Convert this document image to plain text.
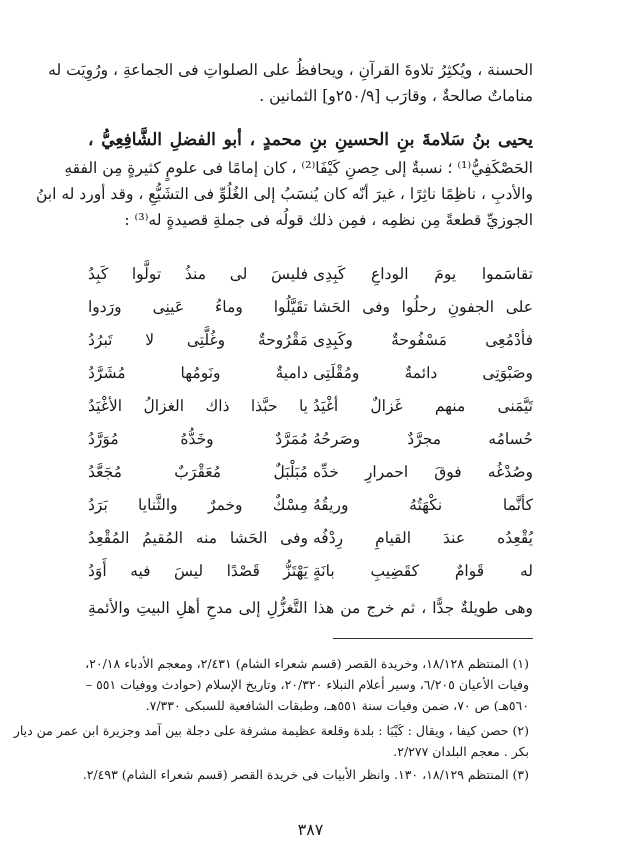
الحسنة ، ويُكثِرُ تلاوةَ القرآنِ ، ويحافظُ على الصلواتِ فى الجماعةِ ، ورُوِيَت له
مناماتٌ صالحةٌ ، وقارَب [٢٥٠/٩و] الثمانين .
يحيى بنُ سَلامةَ بنِ الحسينِ بنِ محمدٍ ، أبو الفضلِ الشَّافِعِيُّ ،
الحَصْكَفِيُّ⁽¹⁾ ؛ نسبةٌ إلى حِصنِ كَيْفَا⁽²⁾ ، كان إمامًا فى علومٍ كثيرةٍ مِن الفقهِ
والأدبِ ، ناظِمًا ناثِرًا ، غيرَ أنّه كان يُنسَبُ إلى الغُلُوِّ فى التشَيُّعِ ، وقد أورد له ابنُ
الجوزيِّ قطعةً مِن نظمِه ، فمِن ذلك قولُه فى جملةِ قصيدةٍ له⁽³⁾ :
تقاسَموا يومَ الوداعِ كَبِدِى
فليسَ لى منذُ تولَّوا كَبِدُ
على الجفونِ رحلُوا وفى الحَشا
تقَيَّلُوا وماءُ عَينِى ورَدوا
فأدْمُعِى مَسْفُوحةٌ وكَبِدِى
مَقْرُوحةٌ وغُلَّتِى لا تَبرُدُ
وصَبْوَتِى دائمةٌ ومُقْلَتِى
داميةٌ ونَومُها مُشَرَّدُ
تَيَّمَنى منهم غَزالٌ أغْيَدُ
يا حبَّذا ذاك الغزالُ الأغْيَدُ
حُسامُه مجرَّدٌ وصَرحُهُ
مُمَرَّدٌ وخَدُّهُ مُوَرَّدُ
وصُدْغُه فوقَ احمرارِ خدِّه
مُبَلْبَلٌ مُعَقْرَبٌ مُجَعَّدُ
كأنَّما نكْهَتُهُ وريقُهُ
مِسْكٌ وخمرٌ والثَّنايا بَرَدُ
يُقْعِدُه عندَ القيامِ رِدْفُه
وفى الحَشا منه المُقيمُ المُقْعِدُ
له قَوامٌ كقَضِيبِ بانَةٍ
يَهْتَزُّ قَصْدًا ليسَ فيه أَوَدُ
وهى طويلةٌ جدًّا ، ثم خرج من هذا التَّغزُّلِ إلى مدحِ أهلِ البيتِ والأئمةِ
(١) المنتظم ١٨/١٢٨، وخريدة القصر (قسم شعراء الشام) ٢/٤٣١، ومعجم الأدباء ٢٠/١٨،
وفيات الأعيان ٦/٢٠٥، وسير أعلام النبلاء ٢٠/٣٢٠، وتاريخ الإسلام (حوادث ووفيات ٥٥١ –
٥٦٠هـ) ص ٧٠، ضمن وفيات سنة ٥٥١هـ، وطبقات الشافعية للسبكى ٧/٣٣٠.
(٢) حصن كيفا ، ويقال : كَيْبَا : بلدة وقلعة عظيمة مشرفة على دجلة بين آمد وجزيرة ابن عمر من ديار
بكر . معجم البلدان ٢/٢٧٧.
(٣) المنتظم ١٨/١٢٩، ١٣٠. وانظر الأبيات فى خريدة القصر (قسم شعراء الشام) ٢/٤٩٣.
٣٨٧
